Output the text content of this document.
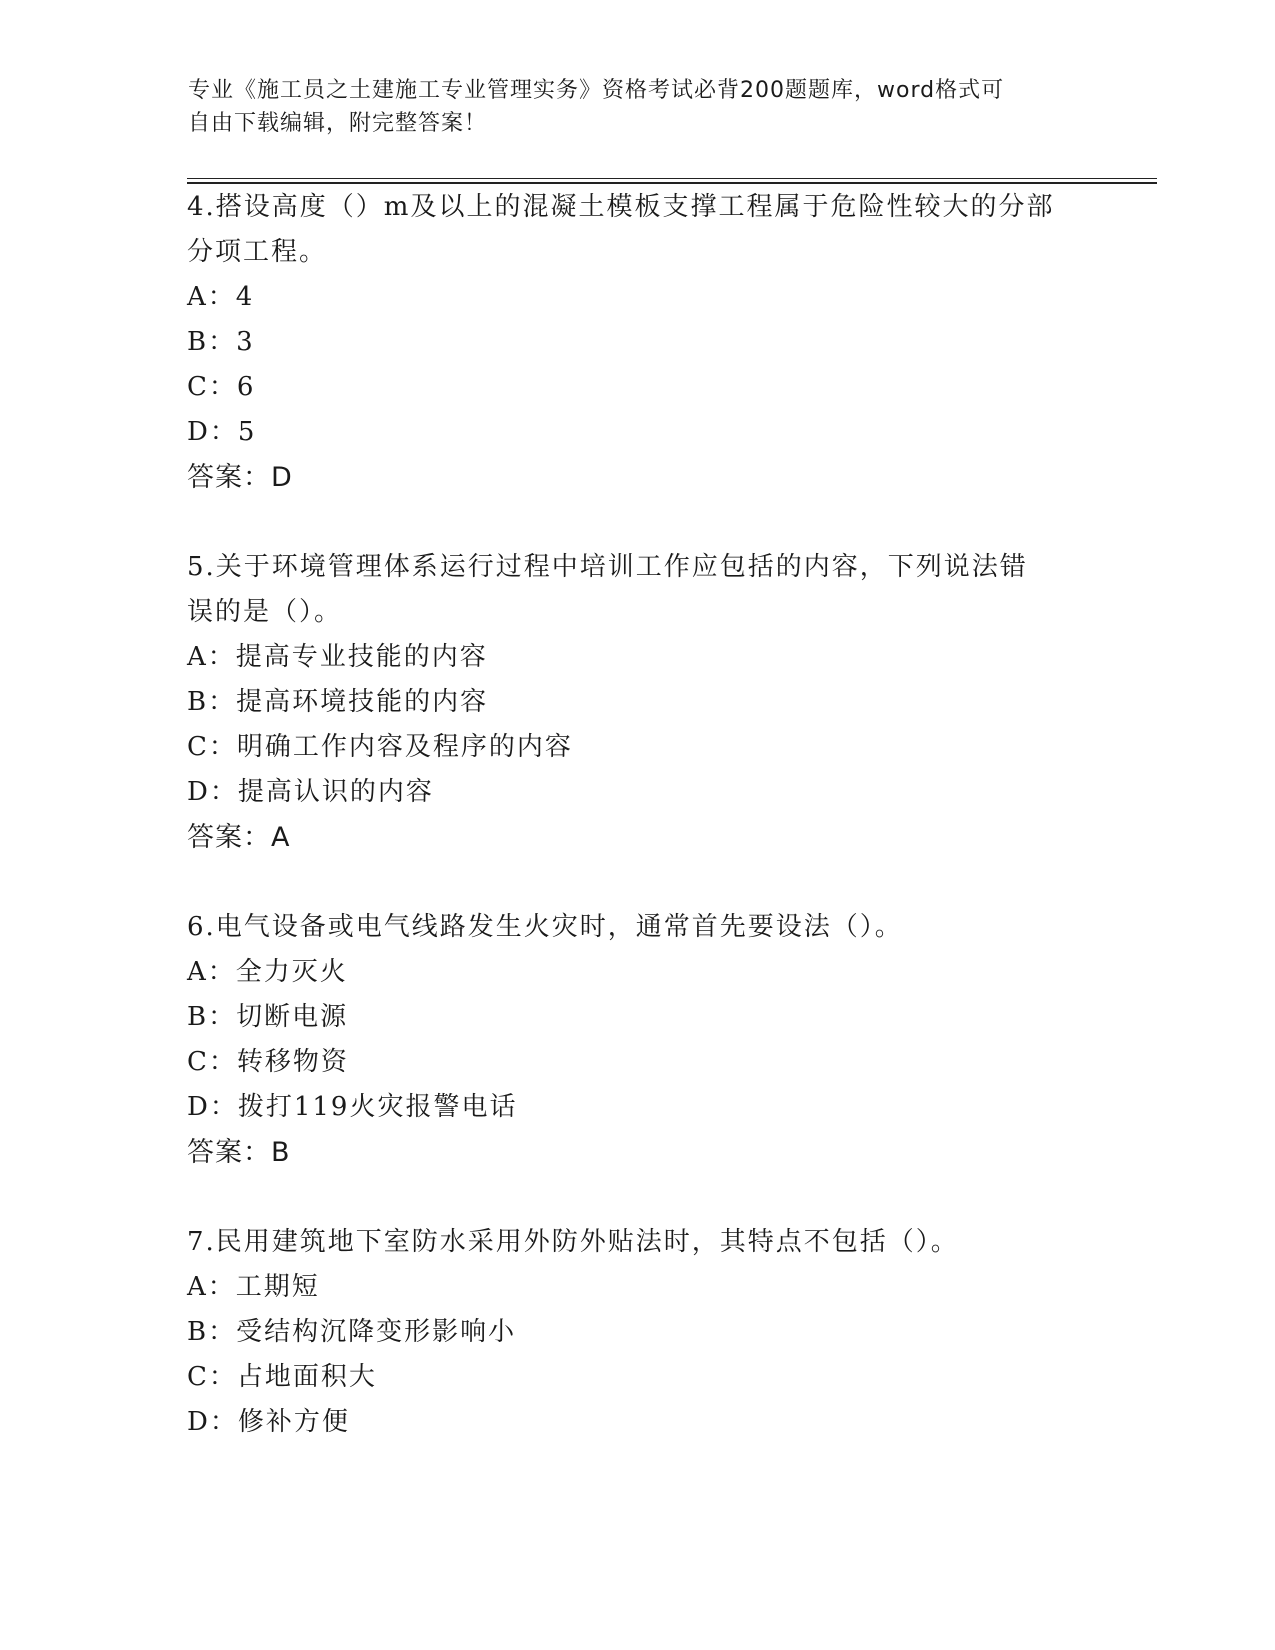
专业《施工员之土建施工专业管理实务》资格考试必背200题题库，word格式可
自由下载编辑，附完整答案！
4.搭设高度（）m及以上的混凝土模板支撑工程属于危险性较大的分部
分项工程。
A：4
B：3
C：6
D：5
答案：D
5.关于环境管理体系运行过程中培训工作应包括的内容，下列说法错
误的是（）。
A：提高专业技能的内容
B：提高环境技能的内容
C：明确工作内容及程序的内容
D：提高认识的内容
答案：A
6.电气设备或电气线路发生火灾时，通常首先要设法（）。
A：全力灭火
B：切断电源
C：转移物资
D：拨打119火灾报警电话
答案：B
7.民用建筑地下室防水采用外防外贴法时，其特点不包括（）。
A：工期短
B：受结构沉降变形影响小
C：占地面积大
D：修补方便
